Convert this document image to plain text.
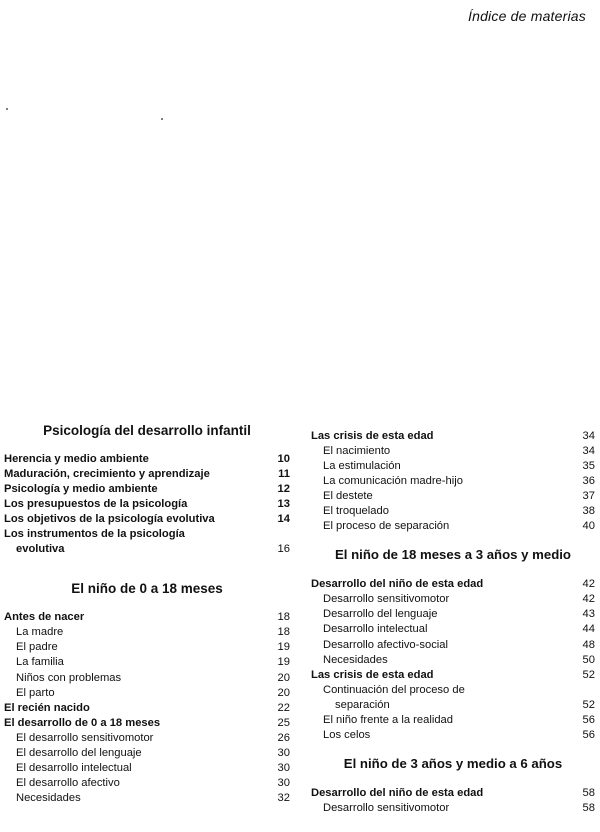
Índice de materias
Psicología del desarrollo infantil
Herencia y medio ambiente	10
Maduración, crecimiento y aprendizaje	11
Psicología y medio ambiente	12
Los presupuestos de la psicología	13
Los objetivos de la psicología evolutiva	14
Los instrumentos de la psicología
evolutiva	16
El niño de 0 a 18 meses
Antes de nacer	18
La madre	18
El padre	19
La familia	19
Niños con problemas	20
El parto	20
El recién nacido	22
El desarrollo de 0 a 18 meses	25
El desarrollo sensitivomotor	26
El desarrollo del lenguaje	30
El desarrollo intelectual	30
El desarrollo afectivo	30
Necesidades	32
Las crisis de esta edad	34
El nacimiento	34
La estimulación	35
La comunicación madre-hijo	36
El destete	37
El troquelado	38
El proceso de separación	40
El niño de 18 meses a 3 años y medio
Desarrollo del niño de esta edad	42
Desarrollo sensitivomotor	42
Desarrollo del lenguaje	43
Desarrollo intelectual	44
Desarrollo afectivo-social	48
Necesidades	50
Las crisis de esta edad	52
Continuación del proceso de
separación	52
El niño frente a la realidad	56
Los celos	56
El niño de 3 años y medio a 6 años
Desarrollo del niño de esta edad	58
Desarrollo sensitivomotor	58
